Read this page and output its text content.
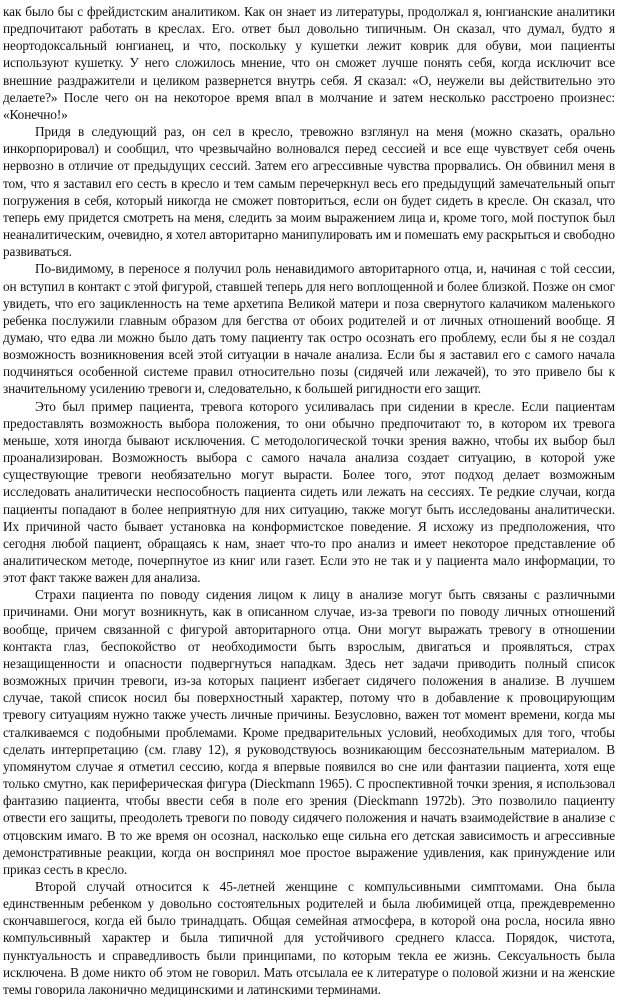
как было бы с фрейдистским аналитиком. Как он знает из литературы, продолжал я, юнгианские аналитики предпочитают работать в креслах. Его. ответ был довольно типичным. Он сказал, что думал, будто я неортодоксальный юнгианец, и что, поскольку у кушетки лежит коврик для обуви, мои пациенты используют кушетку. У него сложилось мнение, что он сможет лучше понять себя, когда исключит все внешние раздражители и целиком развернется внутрь себя. Я сказал: «О, неужели вы действительно это делаете?» После чего он на некоторое время впал в молчание и затем несколько расстроено произнес: «Конечно!»

Придя в следующий раз, он сел в кресло, тревожно взглянул на меня (можно сказать, орально инкорпорировал) и сообщил, что чрезвычайно волновался перед сессией и все еще чувствует себя очень нервозно в отличие от предыдущих сессий. Затем его агрессивные чувства прорвались. Он обвинил меня в том, что я заставил его сесть в кресло и тем самым перечеркнул весь его предыдущий замечательный опыт погружения в себя, который никогда не сможет повториться, если он будет сидеть в кресле. Он сказал, что теперь ему придется смотреть на меня, следить за моим выражением лица и, кроме того, мой поступок был неаналитическим, очевидно, я хотел авторитарно манипулировать им и помешать ему раскрыться и свободно развиваться.

По-видимому, в переносе я получил роль ненавидимого авторитарного отца, и, начиная с той сессии, он вступил в контакт с этой фигурой, ставшей теперь для него воплощенной и более близкой. Позже он смог увидеть, что его зацикленность на теме архетипа Великой матери и поза свернутого калачиком маленького ребенка послужили главным образом для бегства от обоих родителей и от личных отношений вообще. Я думаю, что едва ли можно было дать тому пациенту так остро осознать его проблему, если бы я не создал возможность возникновения всей этой ситуации в начале анализа. Если бы я заставил его с самого начала подчиняться особенной системе правил относительно позы (сидячей или лежачей), то это привело бы к значительному усилению тревоги и, следовательно, к большей ригидности его защит.

Это был пример пациента, тревога которого усиливалась при сидении в кресле. Если пациентам предоставлять возможность выбора положения, то они обычно предпочитают то, в котором их тревога меньше, хотя иногда бывают исключения. С методологической точки зрения важно, чтобы их выбор был проанализирован. Возможность выбора с самого начала анализа создает ситуацию, в которой уже существующие тревоги необязательно могут вырасти. Более того, этот подход делает возможным исследовать аналитически неспособность пациента сидеть или лежать на сессиях. Те редкие случаи, когда пациенты попадают в более неприятную для них ситуацию, также могут быть исследованы аналитически. Их причиной часто бывает установка на конформистское поведение. Я исхожу из предположения, что сегодня любой пациент, обращаясь к нам, знает что-то про анализ и имеет некоторое представление об аналитическом методе, почерпнутое из книг или газет. Если это не так и у пациента мало информации, то этот факт также важен для анализа.

Страхи пациента по поводу сидения лицом к лицу в анализе могут быть связаны с различными причинами. Они могут возникнуть, как в описанном случае, из-за тревоги по поводу личных отношений вообще, причем связанной с фигурой авторитарного отца. Они могут выражать тревогу в отношении контакта глаз, беспокойство от необходимости быть взрослым, двигаться и проявляться, страх незащищенности и опасности подвергнуться нападкам. Здесь нет задачи приводить полный список возможных причин тревоги, из-за которых пациент избегает сидячего положения в анализе. В лучшем случае, такой список носил бы поверхностный характер, потому что в добавление к провоцирующим тревогу ситуациям нужно также учесть личные причины. Безусловно, важен тот момент времени, когда мы сталкиваемся с подобными проблемами. Кроме предварительных условий, необходимых для того, чтобы сделать интерпретацию (см. главу 12), я руководствуюсь возникающим бессознательным материалом. В упомянутом случае я отметил сессию, когда я впервые появился во сне или фантазии пациента, хотя еще только смутно, как периферическая фигура (Dieckmann 1965). С проспективной точки зрения, я использовал фантазию пациента, чтобы ввести себя в поле его зрения (Dieckmann 1972b). Это позволило пациенту отвести его защиты, преодолеть тревоги по поводу сидячего положения и начать взаимодействие в анализе с отцовским имаго. В то же время он осознал, насколько еще сильна его детская зависимость и агрессивные демонстративные реакции, когда он воспринял мое простое выражение удивления, как принуждение или приказ сесть в кресло.

Второй случай относится к 45-летней женщине с компульсивными симптомами. Она была единственным ребенком у довольно состоятельных родителей и была любимицей отца, преждевременно скончавшегося, когда ей было тринадцать. Общая семейная атмосфера, в которой она росла, носила явно компульсивный характер и была типичной для устойчивого среднего класса. Порядок, чистота, пунктуальность и справедливость были принципами, по которым текла ее жизнь. Сексуальность была исключена. В доме никто об этом не говорил. Мать отсылала ее к литературе о половой жизни и на женские темы говорила лаконично медицинскими и латинскими терминами.
